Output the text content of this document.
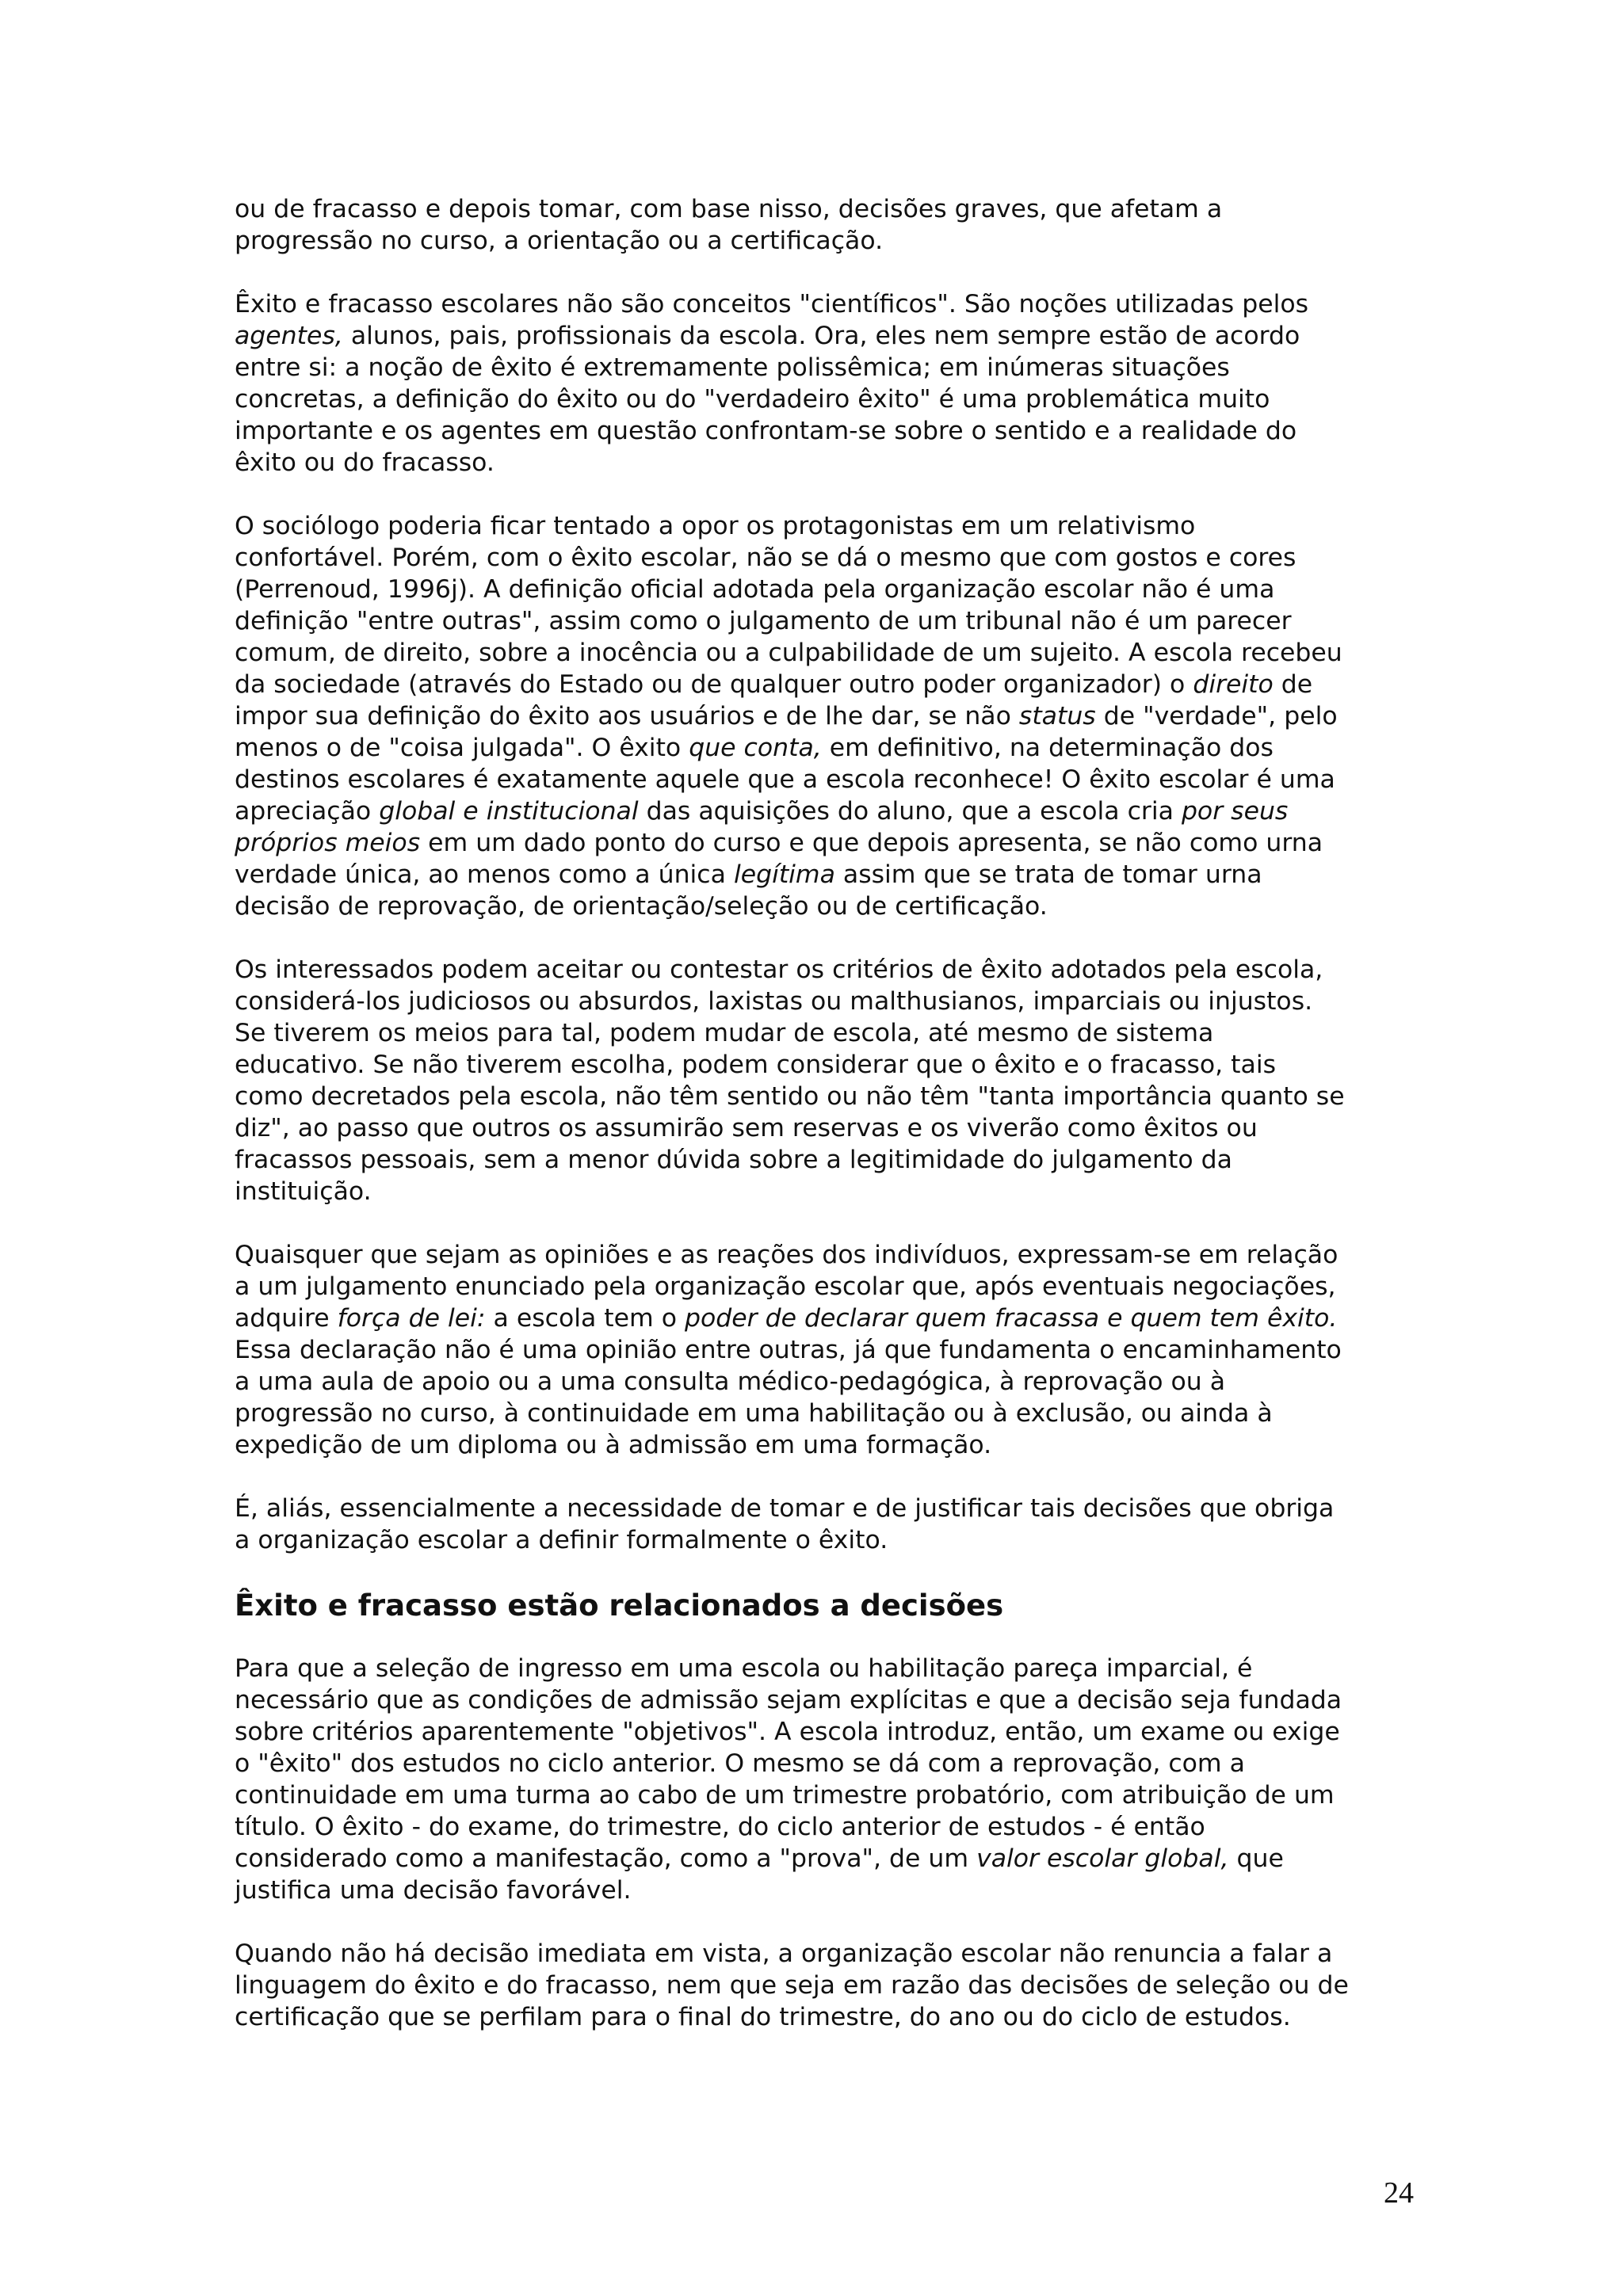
ou de fracasso e depois tomar, com base nisso, decisões graves, que afetam a
progressão no curso, a orientação ou a certificação.

Êxito e fracasso escolares não são conceitos "científicos". São noções utilizadas pelos
agentes, alunos, pais, profissionais da escola. Ora, eles nem sempre estão de acordo
entre si: a noção de êxito é extremamente polissêmica; em inúmeras situações
concretas, a definição do êxito ou do "verdadeiro êxito" é uma problemática muito
importante e os agentes em questão confrontam-se sobre o sentido e a realidade do
êxito ou do fracasso.

O sociólogo poderia ficar tentado a opor os protagonistas em um relativismo
confortável. Porém, com o êxito escolar, não se dá o mesmo que com gostos e cores
(Perrenoud, 1996j). A definição oficial adotada pela organização escolar não é uma
definição "entre outras", assim como o julgamento de um tribunal não é um parecer
comum, de direito, sobre a inocência ou a culpabilidade de um sujeito. A escola recebeu
da sociedade (através do Estado ou de qualquer outro poder organizador) o direito de
impor sua definição do êxito aos usuários e de lhe dar, se não status de "verdade", pelo
menos o de "coisa julgada". O êxito que conta, em definitivo, na determinação dos
destinos escolares é exatamente aquele que a escola reconhece! O êxito escolar é uma
apreciação global e institucional das aquisições do aluno, que a escola cria por seus
próprios meios em um dado ponto do curso e que depois apresenta, se não como urna
verdade única, ao menos como a única legítima assim que se trata de tomar urna
decisão de reprovação, de orientação/seleção ou de certificação.

Os interessados podem aceitar ou contestar os critérios de êxito adotados pela escola,
considerá-los judiciosos ou absurdos, laxistas ou malthusianos, imparciais ou injustos.
Se tiverem os meios para tal, podem mudar de escola, até mesmo de sistema
educativo. Se não tiverem escolha, podem considerar que o êxito e o fracasso, tais
como decretados pela escola, não têm sentido ou não têm "tanta importância quanto se
diz", ao passo que outros os assumirão sem reservas e os viverão como êxitos ou
fracassos pessoais, sem a menor dúvida sobre a legitimidade do julgamento da
instituição.

Quaisquer que sejam as opiniões e as reações dos indivíduos, expressam-se em relação
a um julgamento enunciado pela organização escolar que, após eventuais negociações,
adquire força de lei: a escola tem o poder de declarar quem fracassa e quem tem êxito.
Essa declaração não é uma opinião entre outras, já que fundamenta o encaminhamento
a uma aula de apoio ou a uma consulta médico-pedagógica, à reprovação ou à
progressão no curso, à continuidade em uma habilitação ou à exclusão, ou ainda à
expedição de um diploma ou à admissão em uma formação.

É, aliás, essencialmente a necessidade de tomar e de justificar tais decisões que obriga
a organização escolar a definir formalmente o êxito.

Êxito e fracasso estão relacionados a decisões

Para que a seleção de ingresso em uma escola ou habilitação pareça imparcial, é
necessário que as condições de admissão sejam explícitas e que a decisão seja fundada
sobre critérios aparentemente "objetivos". A escola introduz, então, um exame ou exige
o "êxito" dos estudos no ciclo anterior. O mesmo se dá com a reprovação, com a
continuidade em uma turma ao cabo de um trimestre probatório, com atribuição de um
título. O êxito - do exame, do trimestre, do ciclo anterior de estudos - é então
considerado como a manifestação, como a "prova", de um valor escolar global, que
justifica uma decisão favorável.

Quando não há decisão imediata em vista, a organização escolar não renuncia a falar a
linguagem do êxito e do fracasso, nem que seja em razão das decisões de seleção ou de
certificação que se perfilam para o final do trimestre, do ano ou do ciclo de estudos.

24
